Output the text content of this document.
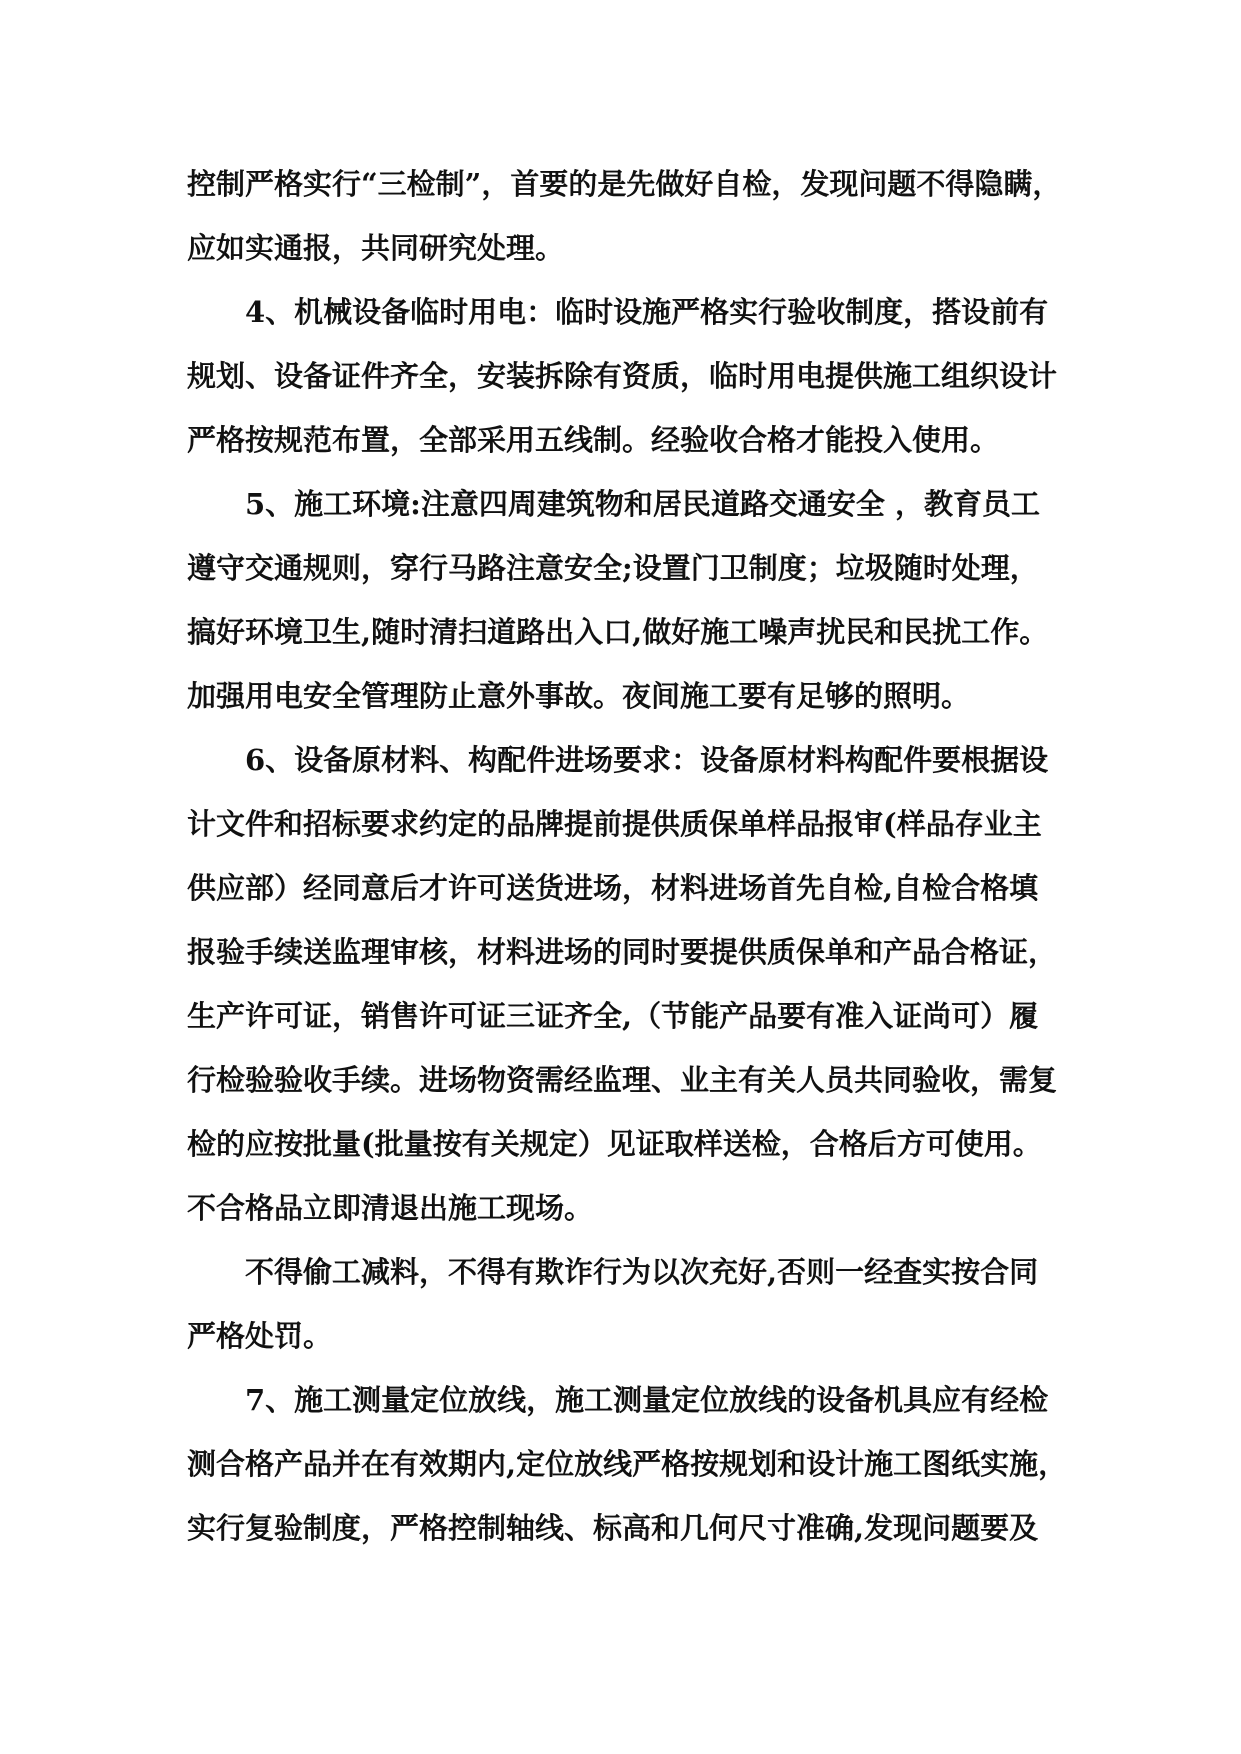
控制严格实行“三检制”，首要的是先做好自检，发现问题不得隐瞒，
应如实通报，共同研究处理。

4、机械设备临时用电：临时设施严格实行验收制度，搭设前有
规划、设备证件齐全，安装拆除有资质，临时用电提供施工组织设计
严格按规范布置，全部采用五线制。经验收合格才能投入使用。

5、施工环境:注意四周建筑物和居民道路交通安全 ，教育员工
遵守交通规则，穿行马路注意安全;设置门卫制度；垃圾随时处理，
搞好环境卫生,随时清扫道路出入口,做好施工噪声扰民和民扰工作。
加强用电安全管理防止意外事故。夜间施工要有足够的照明。

6、设备原材料、构配件进场要求：设备原材料构配件要根据设
计文件和招标要求约定的品牌提前提供质保单样品报审(样品存业主
供应部）经同意后才许可送货进场，材料进场首先自检,自检合格填
报验手续送监理审核，材料进场的同时要提供质保单和产品合格证，
生产许可证，销售许可证三证齐全,（节能产品要有准入证尚可）履
行检验验收手续。进场物资需经监理、业主有关人员共同验收，需复
检的应按批量(批量按有关规定）见证取样送检，合格后方可使用。
不合格品立即清退出施工现场。

不得偷工减料，不得有欺诈行为以次充好,否则一经查实按合同
严格处罚。

7、施工测量定位放线，施工测量定位放线的设备机具应有经检
测合格产品并在有效期内,定位放线严格按规划和设计施工图纸实施，
实行复验制度，严格控制轴线、标高和几何尺寸准确,发现问题要及
